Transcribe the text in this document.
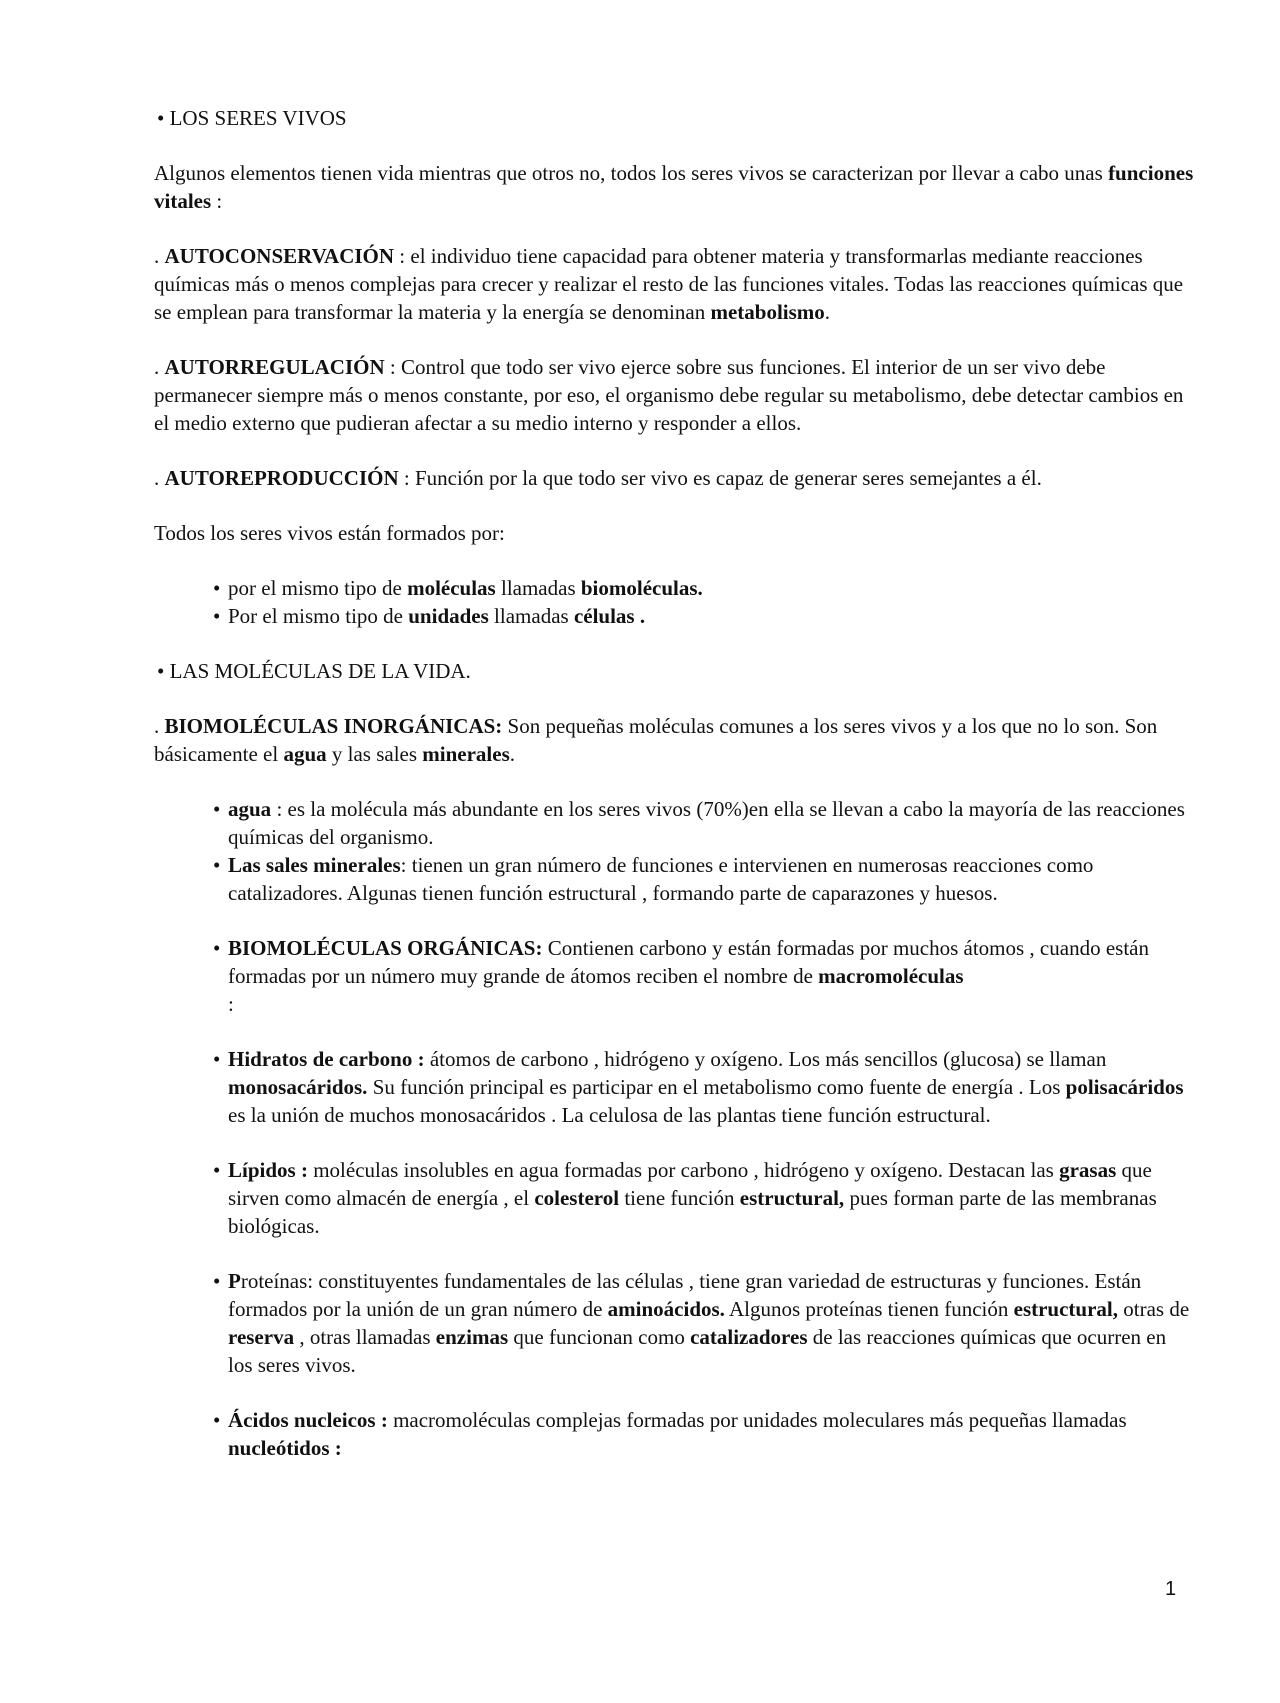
• LOS SERES VIVOS
Algunos elementos tienen vida mientras que otros no, todos los seres vivos se caracterizan por llevar a cabo unas funciones vitales :
. AUTOCONSERVACIÓN : el individuo tiene capacidad para obtener materia y transformarlas mediante reacciones químicas más o menos complejas para crecer y realizar el resto de las funciones vitales. Todas las reacciones químicas que se emplean para transformar la materia y la energía se denominan metabolismo.
. AUTORREGULACIÓN : Control que todo ser vivo ejerce sobre sus funciones. El interior de un ser vivo debe permanecer siempre más o menos constante, por eso, el organismo debe regular su metabolismo, debe detectar cambios en el medio externo que pudieran afectar a su medio interno y responder a ellos.
. AUTOREPRODUCCIÓN : Función por la que todo ser vivo es capaz de generar seres semejantes a él.
Todos los seres vivos están formados por:
• por el mismo tipo de moléculas llamadas biomoléculas.
• Por el mismo tipo de unidades llamadas células .
• LAS MOLÉCULAS DE LA VIDA.
. BIOMOLÉCULAS INORGÁNICAS: Son pequeñas moléculas comunes a los seres vivos y a los que no lo son. Son básicamente el agua y las sales minerales.
• agua : es la molécula más abundante en los seres vivos (70%)en ella se llevan a cabo la mayoría de las reacciones químicas del organismo.
• Las sales minerales: tienen un gran número de funciones e intervienen en numerosas reacciones como catalizadores. Algunas tienen función estructural , formando parte de caparazones y huesos.
• BIOMOLÉCULAS ORGÁNICAS: Contienen carbono y están formadas por muchos átomos , cuando están formadas por un número muy grande de átomos reciben el nombre de macromoléculas
:
• Hidratos de carbono : átomos de carbono , hidrógeno y oxígeno. Los más sencillos (glucosa) se llaman monosacáridos. Su función principal es participar en el metabolismo como fuente de energía . Los polisacáridos es la unión de muchos monosacáridos . La celulosa de las plantas tiene función estructural.
• Lípidos : moléculas insolubles en agua formadas por carbono , hidrógeno y oxígeno. Destacan las grasas que sirven como almacén de energía , el colesterol tiene función estructural, pues forman parte de las membranas biológicas.
• Proteínas: constituyentes fundamentales de las células , tiene gran variedad de estructuras y funciones. Están formados por la unión de un gran número de aminoácidos. Algunos proteínas tienen función estructural, otras de reserva , otras llamadas enzimas que funcionan como catalizadores de las reacciones químicas que ocurren en los seres vivos.
• Ácidos nucleicos : macromoléculas complejas formadas por unidades moleculares más pequeñas llamadas nucleótidos :
1
